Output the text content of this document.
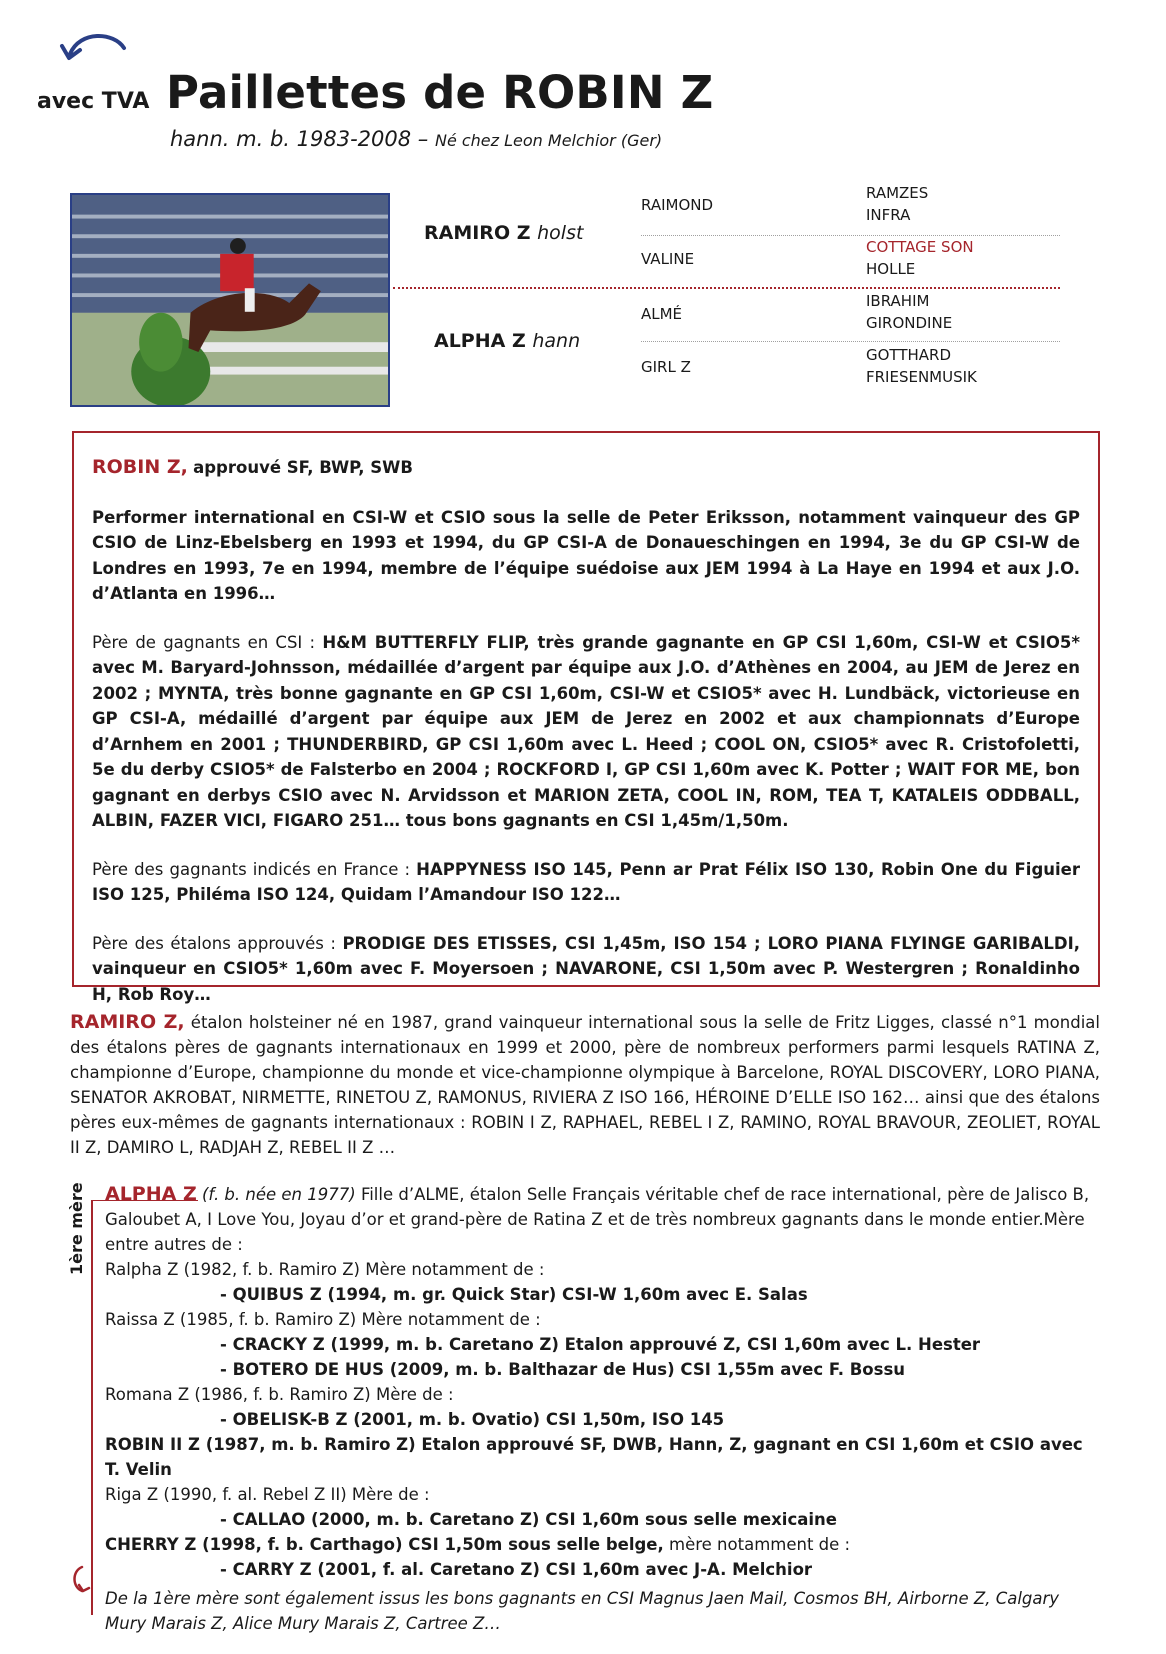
avec TVA Paillettes de ROBIN Z
hann. m. b. 1983-2008 – Né chez Leon Melchior (Ger)
RAMIRO Z holst
ALPHA Z hann
RAIMOND
VALINE
ALMÉ
GIRL Z
RAMZES
INFRA
COTTAGE SON
HOLLE
IBRAHIM
GIRONDINE
GOTTHARD
FRIESENMUSIK

ROBIN Z, approuvé SF, BWP, SWB

Performer international en CSI-W et CSIO sous la selle de Peter Eriksson, notamment vainqueur des GP CSIO de Linz-Ebelsberg en 1993 et 1994, du GP CSI-A de Donaueschingen en 1994, 3e du GP CSI-W de Londres en 1993, 7e en 1994, membre de l’équipe suédoise aux JEM 1994 à La Haye en 1994 et aux J.O. d’Atlanta en 1996…

Père de gagnants en CSI : H&M BUTTERFLY FLIP, très grande gagnante en GP CSI 1,60m, CSI-W et CSIO5* avec M. Baryard-Johnsson, médaillée d’argent par équipe aux J.O. d’Athènes en 2004, au JEM de Jerez en 2002 ; MYNTA, très bonne gagnante en GP CSI 1,60m, CSI-W et CSIO5* avec H. Lundbäck, victorieuse en GP CSI-A, médaillé d’argent par équipe aux JEM de Jerez en 2002 et aux championnats d’Europe d’Arnhem en 2001 ; THUNDERBIRD, GP CSI 1,60m avec L. Heed ; COOL ON, CSIO5* avec R. Cristofoletti, 5e du derby CSIO5* de Falsterbo en 2004 ; ROCKFORD I, GP CSI 1,60m avec K. Potter ; WAIT FOR ME, bon gagnant en derbys CSIO avec N. Arvidsson et MARION ZETA, COOL IN, ROM, TEA T, KATALEIS ODDBALL, ALBIN, FAZER VICI, FIGARO 251… tous bons gagnants en CSI 1,45m/1,50m.

Père des gagnants indicés en France : HAPPYNESS ISO 145, Penn ar Prat Félix ISO 130, Robin One du Figuier ISO 125, Philéma ISO 124, Quidam l’Amandour ISO 122…

Père des étalons approuvés : PRODIGE DES ETISSES, CSI 1,45m, ISO 154 ; LORO PIANA FLYINGE GARIBALDI, vainqueur en CSIO5* 1,60m avec F. Moyersoen ; NAVARONE, CSI 1,50m avec P. Westergren ; Ronaldinho H, Rob Roy…

RAMIRO Z, étalon holsteiner né en 1987, grand vainqueur international sous la selle de Fritz Ligges, classé n°1 mondial des étalons pères de gagnants internationaux en 1999 et 2000, père de nombreux performers parmi lesquels RATINA Z, championne d’Europe, championne du monde et vice-championne olympique à Barcelone, ROYAL DISCOVERY, LORO PIANA, SENATOR AKROBAT, NIRMETTE, RINETOU Z, RAMONUS, RIVIERA Z ISO 166, HÉROINE D’ELLE ISO 162… ainsi que des étalons pères eux-mêmes de gagnants internationaux : ROBIN I Z, RAPHAEL, REBEL I Z, RAMINO, ROYAL BRAVOUR, ZEOLIET, ROYAL II Z, DAMIRO L, RADJAH Z, REBEL II Z …
1ère mère ALPHA Z (f. b. née en 1977) Fille d’ALME, étalon Selle Français véritable chef de race international, père de Jalisco B, Galoubet A, I Love You, Joyau d’or et grand-père de Ratina Z et de très nombreux gagnants dans le monde entier.Mère entre autres de :

Ralpha Z (1982, f. b. Ramiro Z) Mère notamment de :

- QUIBUS Z (1994, m. gr. Quick Star) CSI-W 1,60m avec E. Salas

Raissa Z (1985, f. b. Ramiro Z) Mère notamment de :

- CRACKY Z (1999, m. b. Caretano Z) Etalon approuvé Z, CSI 1,60m avec L. Hester

- BOTERO DE HUS (2009, m. b. Balthazar de Hus) CSI 1,55m avec F. Bossu

Romana Z (1986, f. b. Ramiro Z) Mère de :

- OBELISK-B Z (2001, m. b. Ovatio) CSI 1,50m, ISO 145

ROBIN II Z (1987, m. b. Ramiro Z) Etalon approuvé SF, DWB, Hann, Z, gagnant en CSI 1,60m et CSIO avec T. Velin

Riga Z (1990, f. al. Rebel Z II) Mère de :

- CALLAO (2000, m. b. Caretano Z) CSI 1,60m sous selle mexicaine

CHERRY Z (1998, f. b. Carthago) CSI 1,50m sous selle belge, mère notamment de :

- CARRY Z (2001, f. al. Caretano Z) CSI 1,60m avec J-A. Melchior

De la 1ère mère sont également issus les bons gagnants en CSI Magnus Jaen Mail, Cosmos BH, Airborne Z, Calgary Mury Marais Z, Alice Mury Marais Z, Cartree Z…
